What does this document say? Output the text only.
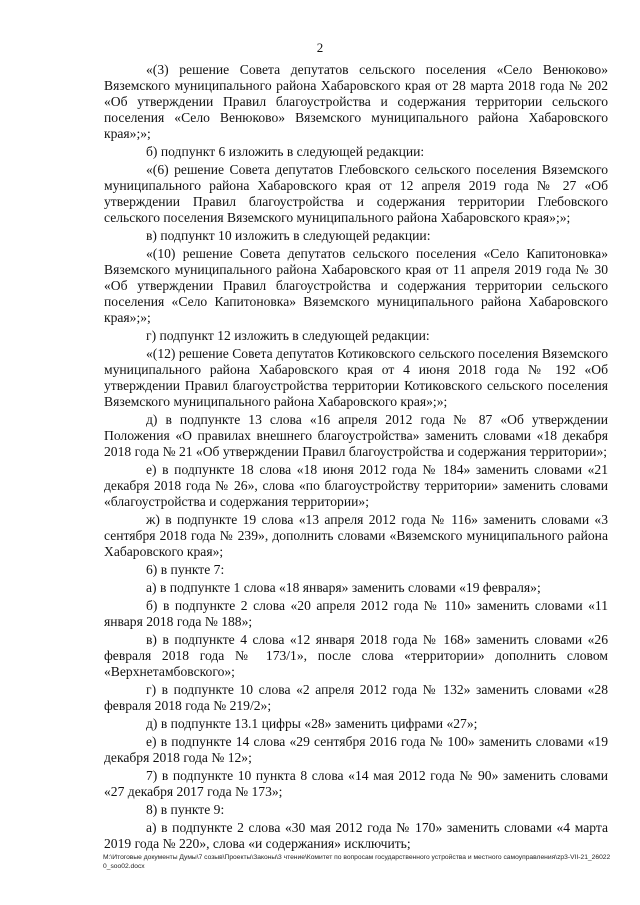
2

«(3) решение Совета депутатов сельского поселения «Село Венюково» Вяземского муниципального района Хабаровского края от 28 марта 2018 года № 202 «Об утверждении Правил благоустройства и содержания территории сельского поселения «Село Венюково» Вяземского муниципального района Хабаровского края»;»;

б) подпункт 6 изложить в следующей редакции:

«(6) решение Совета депутатов Глебовского сельского поселения Вяземского муниципального района Хабаровского края от 12 апреля 2019 года № 27 «Об утверждении Правил благоустройства и содержания территории Глебовского сельского поселения Вяземского муниципального района Хабаровского края»;»;

в) подпункт 10 изложить в следующей редакции:

«(10) решение Совета депутатов сельского поселения «Село Капитоновка» Вяземского муниципального района Хабаровского края от 11 апреля 2019 года № 30 «Об утверждении Правил благоустройства и содержания территории сельского поселения «Село Капитоновка» Вяземского муниципального района Хабаровского края»;»;

г) подпункт 12 изложить в следующей редакции:

«(12) решение Совета депутатов Котиковского сельского поселения Вяземского муниципального района Хабаровского края от 4 июня 2018 года № 192 «Об утверждении Правил благоустройства территории Котиковского сельского поселения Вяземского муниципального района Хабаровского края»;»;

д) в подпункте 13 слова «16 апреля 2012 года № 87 «Об утверждении Положения «О правилах внешнего благоустройства» заменить словами «18 декабря 2018 года № 21 «Об утверждении Правил благоустройства и содержания территории»;

е) в подпункте 18 слова «18 июня 2012 года № 184» заменить словами «21 декабря 2018 года № 26», слова «по благоустройству территории» заменить словами «благоустройства и содержания территории»;

ж) в подпункте 19 слова «13 апреля 2012 года № 116» заменить словами «3 сентября 2018 года № 239», дополнить словами «Вяземского муниципального района Хабаровского края»;

6) в пункте 7:

а) в подпункте 1 слова «18 января» заменить словами «19 февраля»;

б) в подпункте 2 слова «20 апреля 2012 года № 110» заменить словами «11 января 2018 года № 188»;

в) в подпункте 4 слова «12 января 2018 года № 168» заменить словами «26 февраля 2018 года № 173/1», после слова «территории» дополнить словом «Верхнетамбовского»;

г) в подпункте 10 слова «2 апреля 2012 года № 132» заменить словами «28 февраля 2018 года № 219/2»;

д) в подпункте 13.1 цифры «28» заменить цифрами «27»;

е) в подпункте 14 слова «29 сентября 2016 года № 100» заменить словами «19 декабря 2018 года № 12»;

7) в подпункте 10 пункта 8 слова «14 мая 2012 года № 90» заменить словами «27 декабря 2017 года № 173»;

8) в пункте 9:

а) в подпункте 2 слова «30 мая 2012 года № 170» заменить словами «4 марта 2019 года № 220», слова «и содержания» исключить;

M:\Итоговые документы Думы\7 созыв\Проекты\Законы\3 чтение\Комитет по вопросам государственного устройства и местного самоуправления\zp3-VII-21_260220_soo02.docx
